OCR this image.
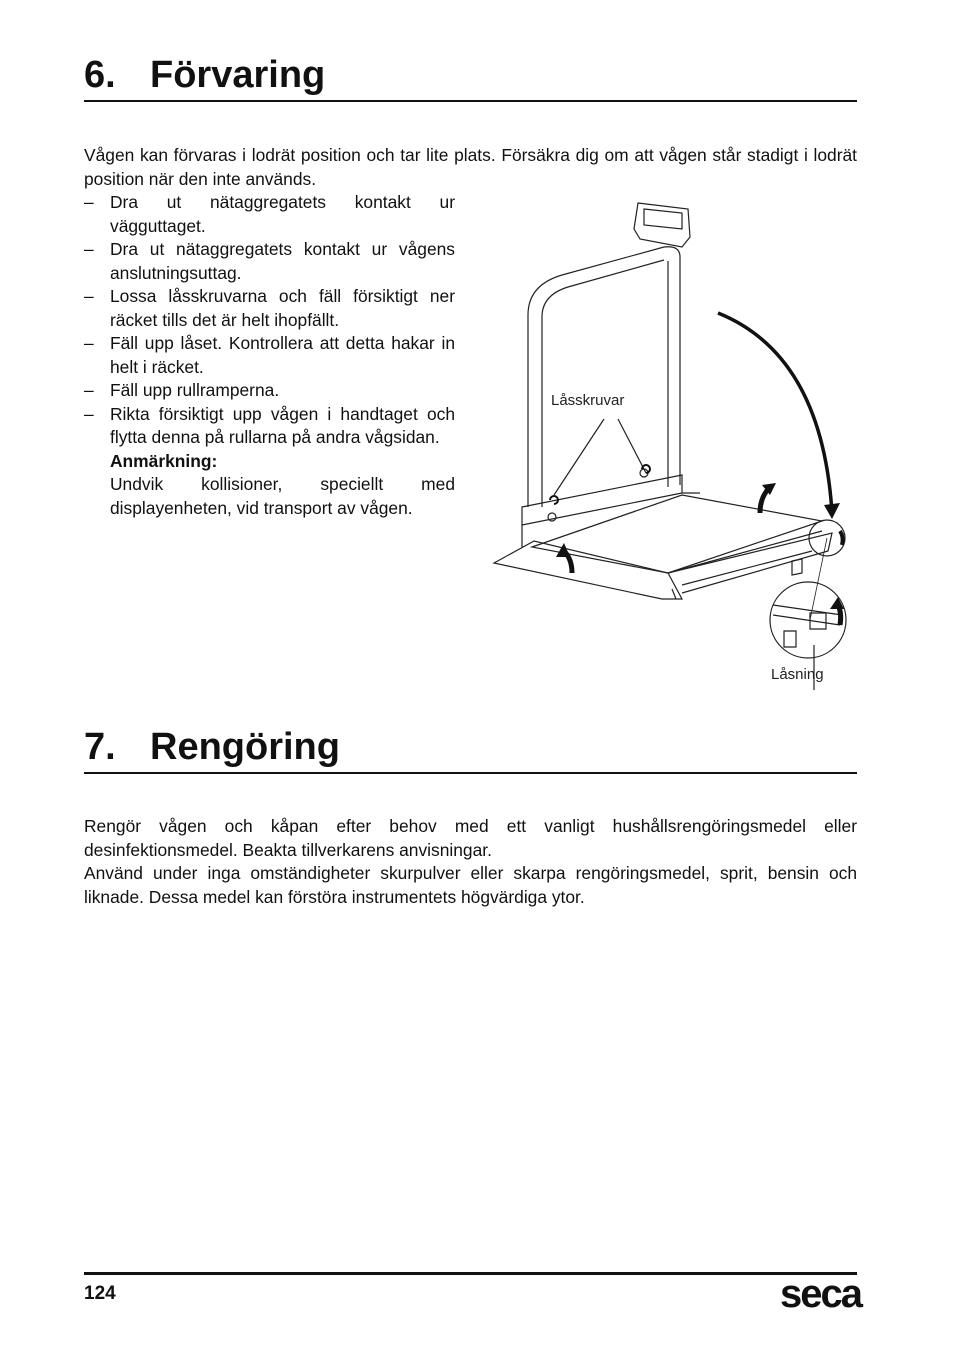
6. Förvaring

Vågen kan förvaras i lodrät position och tar lite plats. Försäkra dig om att vågen står stadigt i lodrät position när den inte används.

– Dra ut nätaggregatets kontakt ur vägguttaget.
– Dra ut nätaggregatets kontakt ur vågens anslutningsuttag.
– Lossa låsskruvarna och fäll försiktigt ner räcket tills det är helt ihopfällt.
– Fäll upp låset. Kontrollera att detta hakar in helt i räcket.
– Fäll upp rullramperna.
– Rikta försiktigt upp vågen i handtaget och flytta denna på rullarna på andra vågsidan.
Anmärkning:
Undvik kollisioner, speciellt med displayenheten, vid transport av vågen.
Låsskruvar
Låsning
7. Rengöring

Rengör vågen och kåpan efter behov med ett vanligt hushållsrengöringsmedel eller desinfektionsmedel. Beakta tillverkarens anvisningar.

Använd under inga omständigheter skurpulver eller skarpa rengöringsmedel, sprit, bensin och liknade. Dessa medel kan förstöra instrumentets högvärdiga ytor.

124	seca
